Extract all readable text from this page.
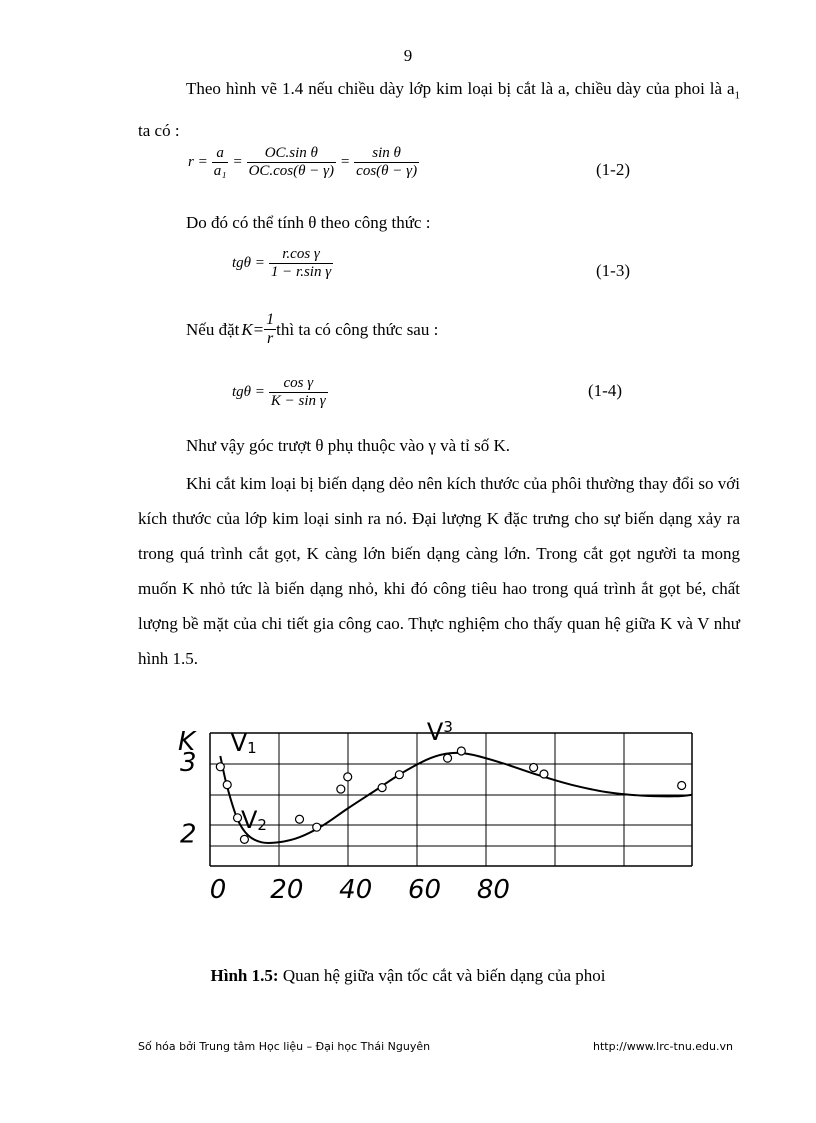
9
Theo hình vẽ 1.4 nếu chiều dày lớp kim loại bị cắt là a, chiều dày của phoi là $a_1$ ta có :
$r = \frac{a}{\text{a₁}} = \frac{\text{OC.sin θ}}{OC.\cos(\theta - \gamma)} = \frac{\text{sin θ}}{\cos(\theta - \gamma)}$	(1-2)
Do đó có thể tính θ theo công thức :
$tg\theta = \frac{\text{r.cos γ}}{\text{1 − r.sin γ}}$	(1-3)
Nếu đặt $K= \frac{1}{r}$ thì ta có công thức sau :
$tg\theta = \frac{\text{cos γ}}{\text{K − sin γ}}$	(1-4)
Như vậy góc trượt θ phụ thuộc vào γ và tỉ số K.
Khi cắt kim loại bị biến dạng dẻo nên kích thước của phôi thường thay đổi so với kích thước của lớp kim loại sinh ra nó. Đại lượng K đặc trưng cho sự biến dạng xảy ra trong quá trình cắt gọt, K càng lớn biến dạng càng lớn. Trong cắt gọt người ta mong muốn K nhỏ tức là biến dạng nhỏ, khi đó công tiêu hao trong quá trình ắt gọt bé, chất lượng bề mặt của chi tiết gia công cao. Thực nghiệm cho thấy quan hệ giữa K và V như hình 1.5.
K
2
3
0 20 40 60 80
V1
V2
$V^3$
Hình 1.5: Quan hệ giữa vận tốc cắt và biến dạng của phoi
Số hóa bởi Trung tâm Học liệu – Đại học Thái Nguyên	http://www.lrc-tnu.edu.vn
